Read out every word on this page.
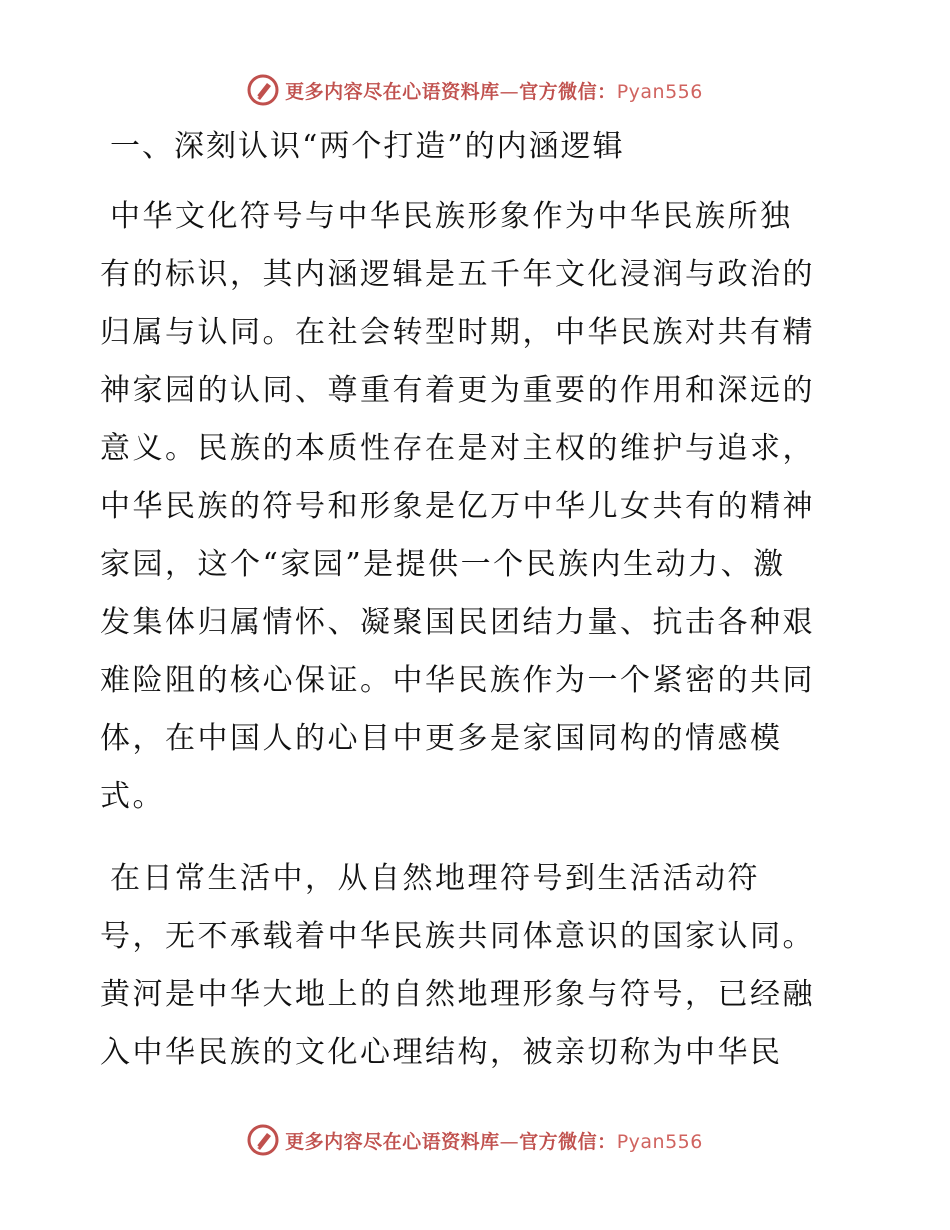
更多内容尽在心语资料库—官方微信：Pyan556
一、深刻认识“两个打造”的内涵逻辑
中华文化符号与中华民族形象作为中华民族所独
有的标识，其内涵逻辑是五千年文化浸润与政治的
归属与认同。在社会转型时期，中华民族对共有精
神家园的认同、尊重有着更为重要的作用和深远的
意义。民族的本质性存在是对主权的维护与追求，
中华民族的符号和形象是亿万中华儿女共有的精神
家园，这个“家园”是提供一个民族内生动力、激
发集体归属情怀、凝聚国民团结力量、抗击各种艰
难险阻的核心保证。中华民族作为一个紧密的共同
体，在中国人的心目中更多是家国同构的情感模
式。
在日常生活中，从自然地理符号到生活活动符
号，无不承载着中华民族共同体意识的国家认同。
黄河是中华大地上的自然地理形象与符号，已经融
入中华民族的文化心理结构，被亲切称为中华民
更多内容尽在心语资料库—官方微信：Pyan556
